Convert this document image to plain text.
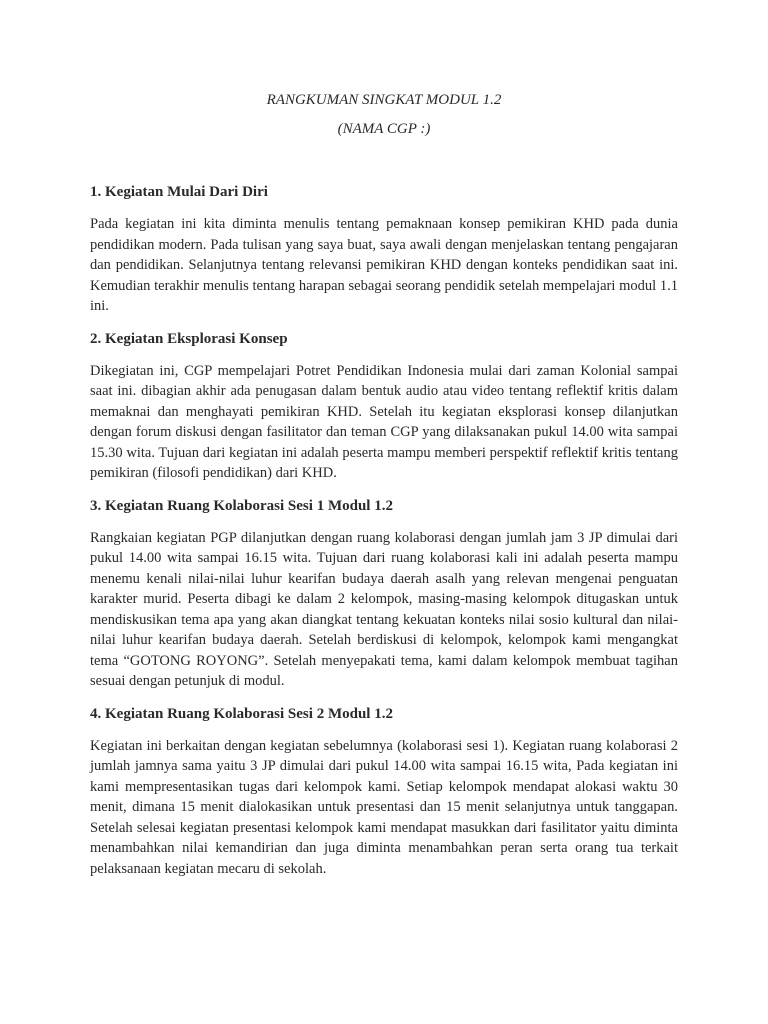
RANGKUMAN SINGKAT MODUL 1.2

(NAMA CGP :)

1. Kegiatan Mulai Dari Diri

Pada kegiatan ini kita diminta menulis tentang pemaknaan konsep pemikiran KHD pada dunia pendidikan modern. Pada tulisan yang saya buat, saya awali dengan menjelaskan tentang pengajaran dan pendidikan. Selanjutnya tentang relevansi pemikiran KHD dengan konteks pendidikan saat ini. Kemudian terakhir menulis tentang harapan sebagai seorang pendidik setelah mempelajari modul 1.1 ini.

2. Kegiatan Eksplorasi Konsep

Dikegiatan ini, CGP mempelajari Potret Pendidikan Indonesia mulai dari zaman Kolonial sampai saat ini. dibagian akhir ada penugasan dalam bentuk audio atau video tentang reflektif kritis dalam memaknai dan menghayati pemikiran KHD. Setelah itu kegiatan eksplorasi konsep dilanjutkan dengan forum diskusi dengan fasilitator dan teman CGP yang dilaksanakan pukul 14.00 wita sampai 15.30 wita. Tujuan dari kegiatan ini adalah peserta mampu memberi perspektif reflektif kritis tentang pemikiran (filosofi pendidikan) dari KHD.

3. Kegiatan Ruang Kolaborasi Sesi 1 Modul 1.2

Rangkaian kegiatan PGP dilanjutkan dengan ruang kolaborasi dengan jumlah jam 3 JP dimulai dari pukul 14.00 wita sampai 16.15 wita. Tujuan dari ruang kolaborasi kali ini adalah peserta mampu menemu kenali nilai-nilai luhur kearifan budaya daerah asalh yang relevan mengenai penguatan karakter murid. Peserta dibagi ke dalam 2 kelompok, masing-masing kelompok ditugaskan untuk mendiskusikan tema apa yang akan diangkat tentang kekuatan konteks nilai sosio kultural dan nilai-nilai luhur kearifan budaya daerah. Setelah berdiskusi di kelompok, kelompok kami mengangkat tema “GOTONG ROYONG”. Setelah menyepakati tema, kami dalam kelompok membuat tagihan sesuai dengan petunjuk di modul.

4. Kegiatan Ruang Kolaborasi Sesi 2 Modul 1.2

Kegiatan ini berkaitan dengan kegiatan sebelumnya (kolaborasi sesi 1). Kegiatan ruang kolaborasi 2 jumlah jamnya sama yaitu 3 JP dimulai dari pukul 14.00 wita sampai 16.15 wita, Pada kegiatan ini kami mempresentasikan tugas dari kelompok kami. Setiap kelompok mendapat alokasi waktu 30 menit, dimana 15 menit dialokasikan untuk presentasi dan 15 menit selanjutnya untuk tanggapan. Setelah selesai kegiatan presentasi kelompok kami mendapat masukkan dari fasilitator yaitu diminta menambahkan nilai kemandirian dan juga diminta menambahkan peran serta orang tua terkait pelaksanaan kegiatan mecaru di sekolah.
